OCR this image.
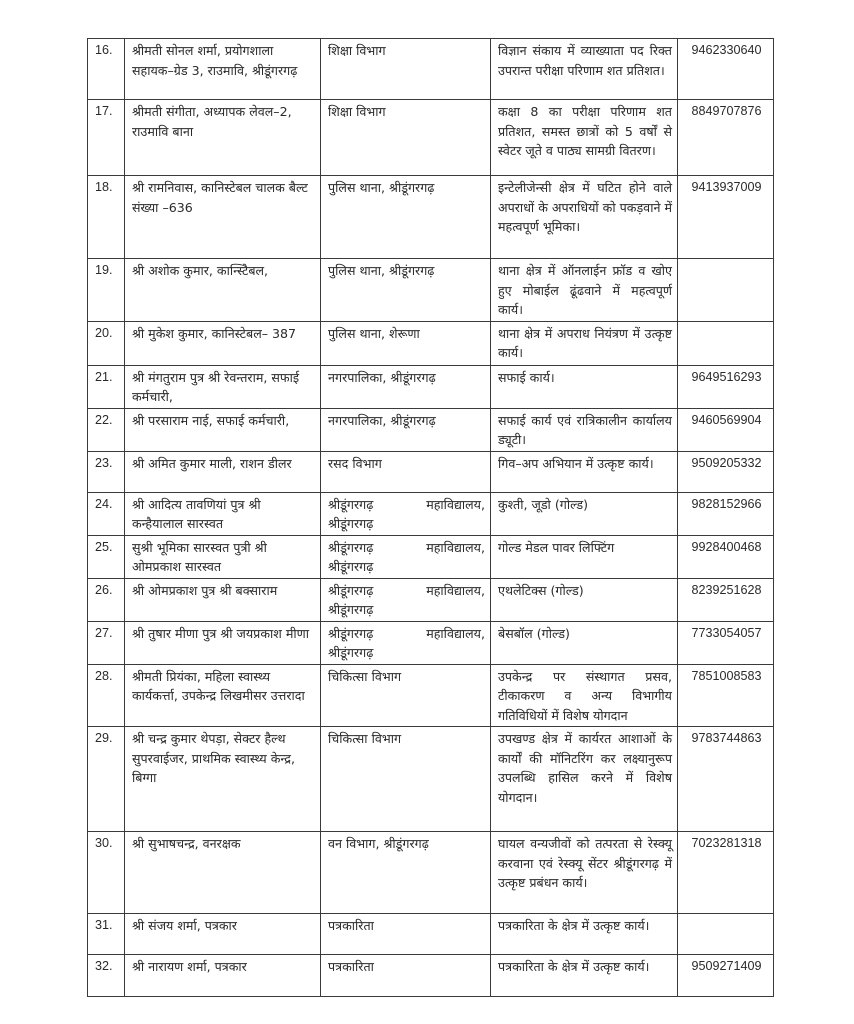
16.	श्रीमती सोनल शर्मा, प्रयोगशाला सहायक–ग्रेड 3, राउमावि, श्रीडूंगरगढ़	शिक्षा विभाग	विज्ञान संकाय में व्याख्याता पद रिक्त उपरान्त परीक्षा परिणाम शत प्रतिशत।	9462330640
17.	श्रीमती संगीता, अध्यापक लेवल–2, राउमावि बाना	शिक्षा विभाग	कक्षा 8 का परीक्षा परिणाम शत प्रतिशत, समस्त छात्रों को 5 वर्षों से स्वेटर जूते व पाठ्य सामग्री वितरण।	8849707876
18.	श्री रामनिवास, कानिस्टेबल चालक बैल्ट संख्या –636	पुलिस थाना, श्रीडूंगरगढ़	इन्टेलीजेन्सी क्षेत्र में घटित होने वाले अपराधों के अपराधियों को पकड़वाने में महत्वपूर्ण भूमिका।	9413937009
19.	श्री अशोक कुमार, कान्स्टिेबल,	पुलिस थाना, श्रीडूंगरगढ़	थाना क्षेत्र में ऑनलाईन फ्रॉड व खोए हुए मोबाईल ढूंढवाने में महत्वपूर्ण कार्य।	
20.	श्री मुकेश कुमार, कानिस्टेबल– 387	पुलिस थाना, शेरूणा	थाना क्षेत्र में अपराध नियंत्रण में उत्कृष्ट कार्य।	
21.	श्री मंगतुराम पुत्र श्री रेवन्तराम, सफाई कर्मचारी,	नगरपालिका, श्रीडूंगरगढ़	सफाई कार्य।	9649516293
22.	श्री परसाराम नाई, सफाई कर्मचारी,	नगरपालिका, श्रीडूंगरगढ़	सफाई कार्य एवं रात्रिकालीन कार्यालय ड्यूटी।	9460569904
23.	श्री अमित कुमार माली, राशन डीलर	रसद विभाग	गिव–अप अभियान में उत्कृष्ट कार्य।	9509205332
24.	श्री आदित्य तावणियां पुत्र श्री कन्हैयालाल सारस्वत	श्रीडूंगरगढ़ महाविद्यालय, श्रीडूंगरगढ़	कुश्ती, जूडो (गोल्ड)	9828152966
25.	सुश्री भूमिका सारस्वत पुत्री श्री ओमप्रकाश सारस्वत	श्रीडूंगरगढ़ महाविद्यालय, श्रीडूंगरगढ़	गोल्ड मेडल पावर लिफ्टिंग	9928400468
26.	श्री ओमप्रकाश पुत्र श्री बक्साराम	श्रीडूंगरगढ़ महाविद्यालय, श्रीडूंगरगढ़	एथलेटिक्स (गोल्ड)	8239251628
27.	श्री तुषार मीणा पुत्र श्री जयप्रकाश मीणा	श्रीडूंगरगढ़ महाविद्यालय, श्रीडूंगरगढ़	बेसबॉल (गोल्ड)	7733054057
28.	श्रीमती प्रियंका, महिला स्वास्थ्य कार्यकर्त्ता, उपकेन्द्र लिखमीसर उत्तरादा	चिकित्सा विभाग	उपकेन्द्र पर संस्थागत प्रसव, टीकाकरण व अन्य विभागीय गतिविधियों में विशेष योगदान	7851008583
29.	श्री चन्द्र कुमार थेपड़ा, सेक्टर हैल्थ सुपरवाईजर, प्राथमिक स्वास्थ्य केन्द्र, बिग्गा	चिकित्सा विभाग	उपखण्ड क्षेत्र में कार्यरत आशाओं के कार्यों की मॉनिटरिंग कर लक्ष्यानुरूप उपलब्धि हासिल करने में विशेष योगदान।	9783744863
30.	श्री सुभाषचन्द्र, वनरक्षक	वन विभाग, श्रीडूंगरगढ़	घायल वन्यजीवों को तत्परता से रेस्क्यू करवाना एवं रेस्क्यू सेंटर श्रीडूंगरगढ़ में उत्कृष्ट प्रबंधन कार्य।	7023281318
31.	श्री संजय शर्मा, पत्रकार	पत्रकारिता	पत्रकारिता के क्षेत्र में उत्कृष्ट कार्य।	
32.	श्री नारायण शर्मा, पत्रकार	पत्रकारिता	पत्रकारिता के क्षेत्र में उत्कृष्ट कार्य।	9509271409
